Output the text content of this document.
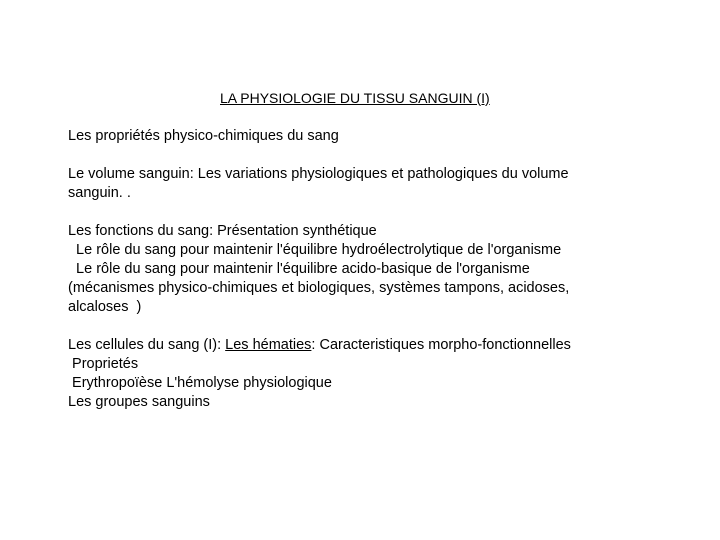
LA PHYSIOLOGIE DU TISSU SANGUIN (I)
Les propriétés physico-chimiques du sang
Le volume sanguin: Les variations physiologiques et pathologiques du volume
sanguin. .
Les fonctions du sang: Présentation synthétique
Le rôle du sang pour maintenir l'équilibre hydroélectrolytique de l'organisme
Le rôle du sang pour maintenir l'équilibre acido-basique de l'organisme
(mécanismes physico-chimiques et biologiques, systèmes tampons, acidoses,
alcaloses  )
Les cellules du sang (I): Les hématies: Caracteristiques morpho-fonctionnelles
Proprietés
Erythropoïèse L'hémolyse physiologique
Les groupes sanguins
